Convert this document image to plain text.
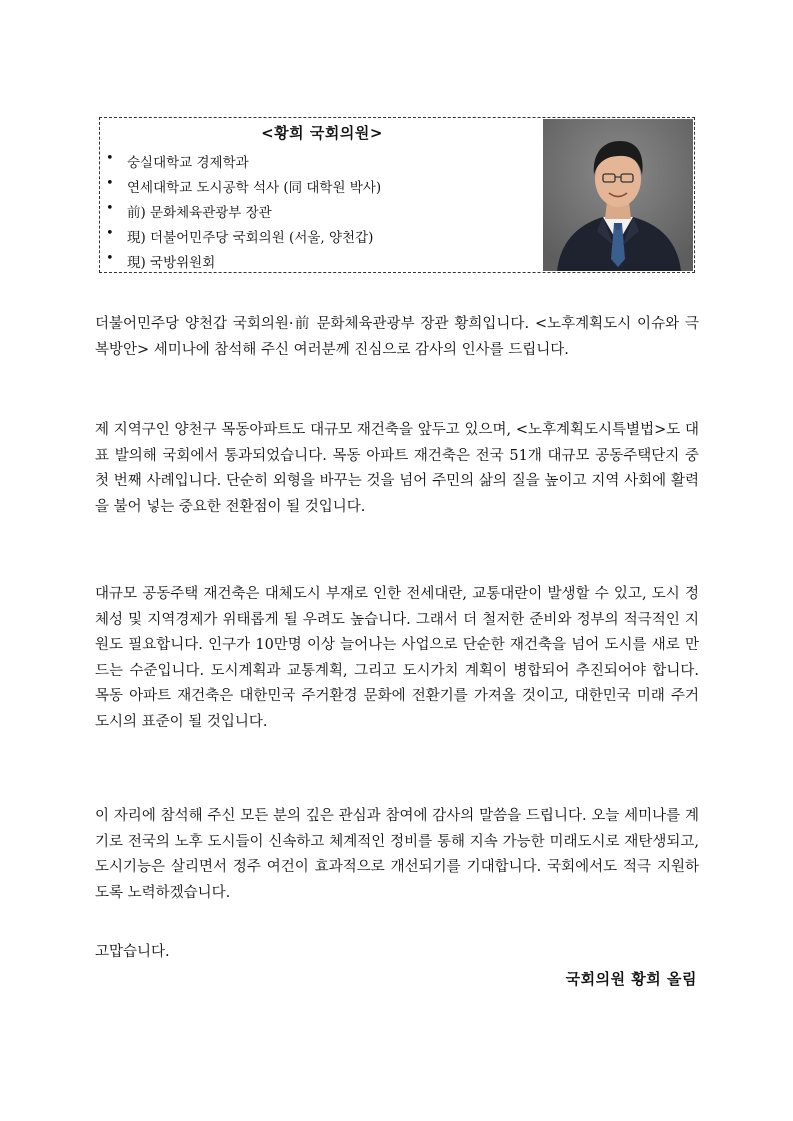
<황희 국회의원>
• 숭실대학교 경제학과
• 연세대학교 도시공학 석사 (同 대학원 박사)
• 前) 문화체육관광부 장관
• 現) 더불어민주당 국회의원 (서울, 양천갑)
• 現) 국방위원회

더불어민주당 양천갑 국회의원·前 문화체육관광부 장관 황희입니다. <노후계획도시 이슈와 극복방안> 세미나에 참석해 주신 여러분께 진심으로 감사의 인사를 드립니다.

제 지역구인 양천구 목동아파트도 대규모 재건축을 앞두고 있으며, <노후계획도시특별법>도 대표 발의해 국회에서 통과되었습니다. 목동 아파트 재건축은 전국 51개 대규모 공동주택단지 중 첫 번째 사례입니다. 단순히 외형을 바꾸는 것을 넘어 주민의 삶의 질을 높이고 지역 사회에 활력을 불어 넣는 중요한 전환점이 될 것입니다.

대규모 공동주택 재건축은 대체도시 부재로 인한 전세대란, 교통대란이 발생할 수 있고, 도시 정체성 및 지역경제가 위태롭게 될 우려도 높습니다. 그래서 더 철저한 준비와 정부의 적극적인 지원도 필요합니다. 인구가 10만명 이상 늘어나는 사업으로 단순한 재건축을 넘어 도시를 새로 만드는 수준입니다. 도시계획과 교통계획, 그리고 도시가치 계획이 병합되어 추진되어야 합니다. 목동 아파트 재건축은 대한민국 주거환경 문화에 전환기를 가져올 것이고, 대한민국 미래 주거 도시의 표준이 될 것입니다.

이 자리에 참석해 주신 모든 분의 깊은 관심과 참여에 감사의 말씀을 드립니다. 오늘 세미나를 계기로 전국의 노후 도시들이 신속하고 체계적인 정비를 통해 지속 가능한 미래도시로 재탄생되고, 도시기능은 살리면서 정주 여건이 효과적으로 개선되기를 기대합니다. 국회에서도 적극 지원하도록 노력하겠습니다.

고맙습니다.

국회의원 황희 올림
